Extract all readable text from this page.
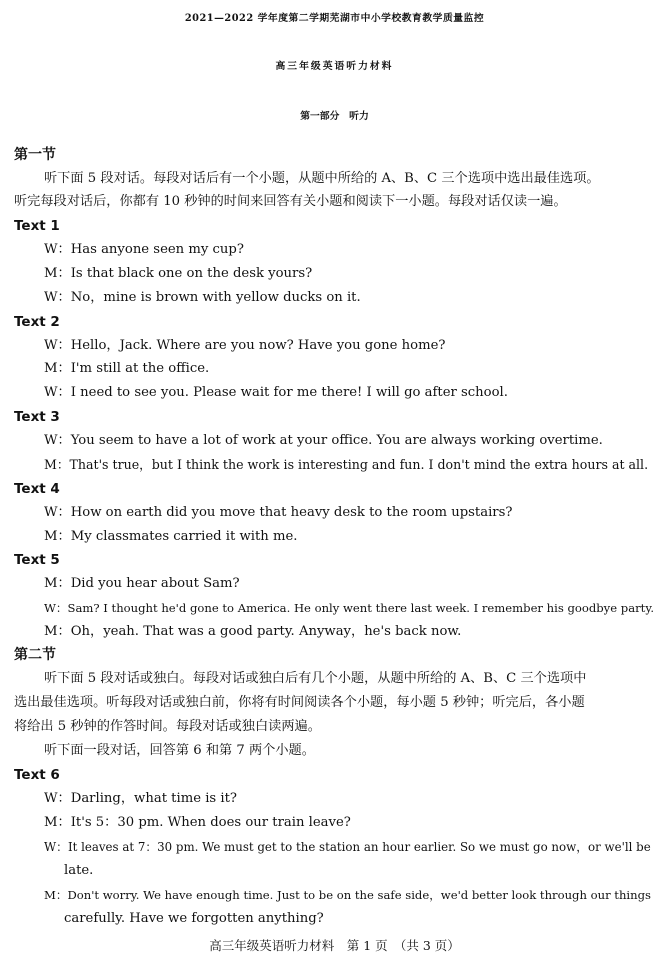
2021—2022 学年度第二学期芜湖市中小学校教育教学质量监控
高三年级英语听力材料
第一部分　听力
第一节
听下面 5 段对话。每段对话后有一个小题，从题中所给的 A、B、C 三个选项中选出最佳选项。
听完每段对话后，你都有 10 秒钟的时间来回答有关小题和阅读下一小题。每段对话仅读一遍。
Text 1
W：Has anyone seen my cup?
M：Is that black one on the desk yours?
W：No，mine is brown with yellow ducks on it.
Text 2
W：Hello，Jack. Where are you now? Have you gone home?
M：I'm still at the office.
W：I need to see you. Please wait for me there! I will go after school.
Text 3
W：You seem to have a lot of work at your office. You are always working overtime.
M：That's true，but I think the work is interesting and fun. I don't mind the extra hours at all.
Text 4
W：How on earth did you move that heavy desk to the room upstairs?
M：My classmates carried it with me.
Text 5
M：Did you hear about Sam?
W：Sam? I thought he'd gone to America. He only went there last week. I remember his goodbye party.
M：Oh，yeah. That was a good party. Anyway，he's back now.
第二节
听下面 5 段对话或独白。每段对话或独白后有几个小题，从题中所给的 A、B、C 三个选项中
选出最佳选项。听每段对话或独白前，你将有时间阅读各个小题，每小题 5 秒钟；听完后，各小题
将给出 5 秒钟的作答时间。每段对话或独白读两遍。
听下面一段对话，回答第 6 和第 7 两个小题。
Text 6
W：Darling，what time is it?
M：It's 5：30 pm. When does our train leave?
W：It leaves at 7：30 pm. We must get to the station an hour earlier. So we must go now，or we'll be
late.
M：Don't worry. We have enough time. Just to be on the safe side，we'd better look through our things
carefully. Have we forgotten anything?
高三年级英语听力材料　第 1 页　（共 3 页）
